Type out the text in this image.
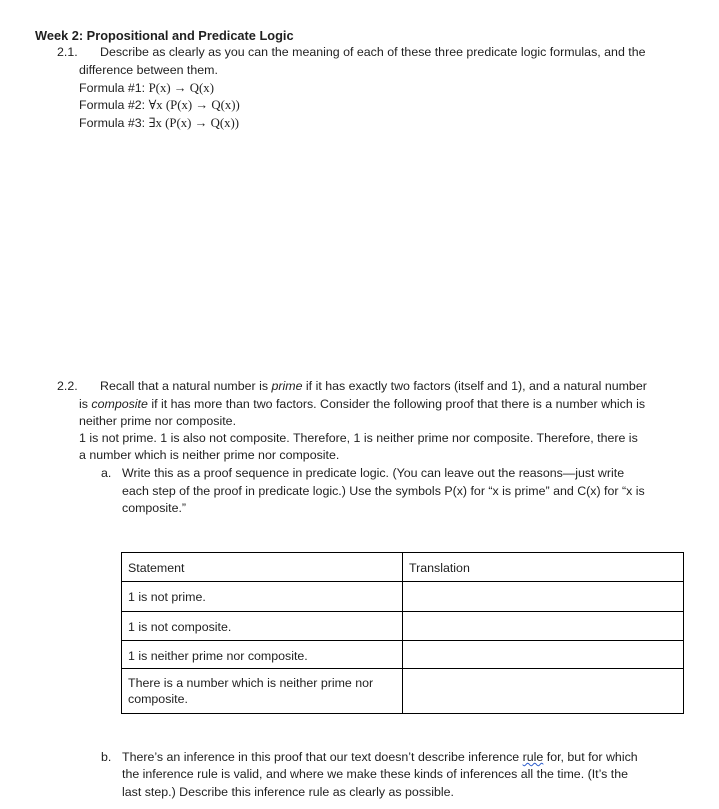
Week 2: Propositional and Predicate Logic
2.1. Describe as clearly as you can the meaning of each of these three predicate logic formulas, and the
difference between them.
Formula #1: P(x) → Q(x)
Formula #2: ∀x (P(x) → Q(x))
Formula #3: ∃x (P(x) → Q(x))
2.2. Recall that a natural number is prime if it has exactly two factors (itself and 1), and a natural number
is composite if it has more than two factors. Consider the following proof that there is a number which is
neither prime nor composite.
1 is not prime. 1 is also not composite. Therefore, 1 is neither prime nor composite. Therefore, there is
a number which is neither prime nor composite.
a. Write this as a proof sequence in predicate logic. (You can leave out the reasons—just write
each step of the proof in predicate logic.) Use the symbols P(x) for “x is prime” and C(x) for “x is
composite.”
Statement	Translation
1 is not prime.	
1 is not composite.	
1 is neither prime nor composite.	

There is a number which is neither prime nor
composite.	

b. There’s an inference in this proof that our text doesn’t describe inference rule for, but for which
the inference rule is valid, and where we make these kinds of inferences all the time. (It’s the
last step.) Describe this inference rule as clearly as possible.
